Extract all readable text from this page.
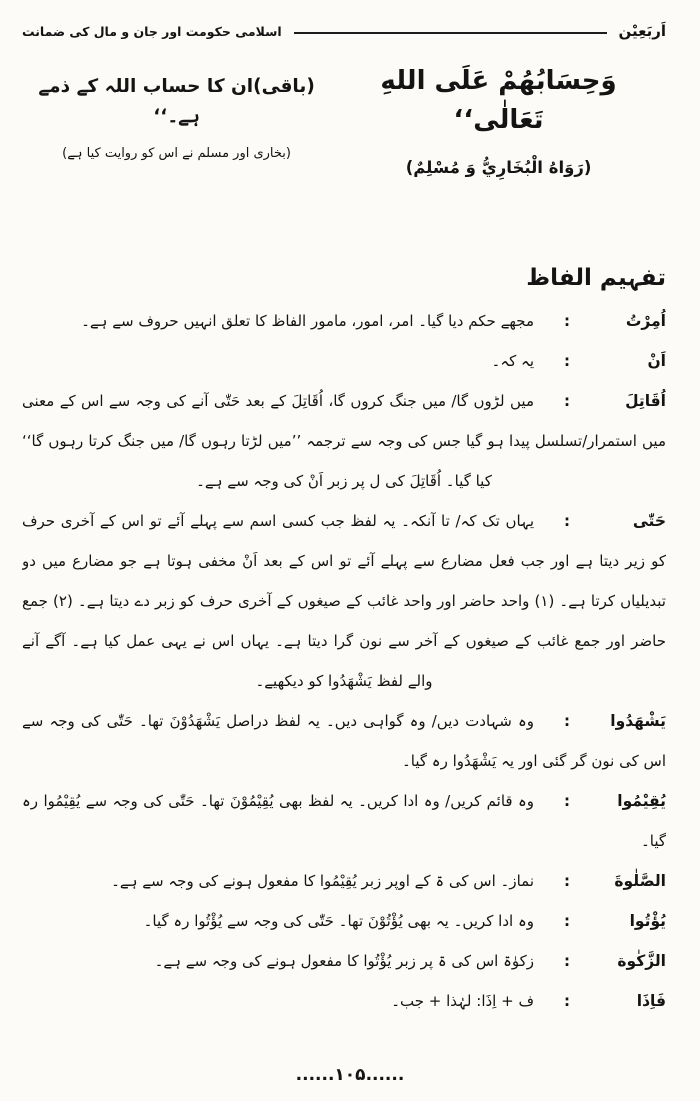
اَربَعِيْن
اسلامی حکومت اور جان و مال کی ضمانت
وَحِسَابُهُمْ عَلَى اللهِ تَعَالٰى‘‘
(باقی)ان کا حساب اللہ کے ذمے ہے۔‘‘
(رَوَاهُ الْبُخَارِيُّ وَ مُسْلِمٌ)
(بخاری اور مسلم نے اس کو روایت کیا ہے)
تفہیم الفاظ
اُمِرْتُ
:
مجھے حکم دیا گیا۔ امر، امور، مامور الفاظ کا تعلق انہیں حروف سے ہے۔
اَنْ
:
یہ کہ۔
اُقَاتِلَ
:
میں لڑوں گا/ میں جنگ کروں گا، اُقَاتِلَ کے بعد حَتّٰی آنے کی وجہ سے اس کے معنی میں استمرار/تسلسل پیدا ہو گیا جس کی وجہ سے ترجمہ ’’میں لڑتا رہوں گا/ میں جنگ کرتا رہوں گا‘‘ کیا گیا۔ اُقَاتِلَ کی ل پر زبر اَنْ کی وجہ سے ہے۔
حَتّٰی
:
یہاں تک کہ/ تا آنکہ۔ یہ لفظ جب کسی اسم سے پہلے آئے تو اس کے آخری حرف کو زیر دیتا ہے اور جب فعل مضارع سے پہلے آئے تو اس کے بعد اَنْ مخفی ہوتا ہے جو مضارع میں دو تبدیلیاں کرتا ہے۔ (۱) واحد حاضر اور واحد غائب کے صیغوں کے آخری حرف کو زبر دے دیتا ہے۔ (۲) جمع حاضر اور جمع غائب کے صیغوں کے آخر سے نون گرا دیتا ہے۔ یہاں اس نے یہی عمل کیا ہے۔ آگے آنے والے لفظ یَشْهَدُوا کو دیکھیے۔
یَشْهَدُوا
:
وہ شہادت دیں/ وہ گواہی دیں۔ یہ لفظ دراصل یَشْهَدُوْنَ تھا۔ حَتّٰی کی وجہ سے اس کی نون گر گئی اور یہ یَشْهَدُوا رہ گیا۔
یُقِیْمُوا
:
وہ قائم کریں/ وہ ادا کریں۔ یہ لفظ بھی یُقِیْمُوْنَ تھا۔ حَتّٰی کی وجہ سے یُقِیْمُوا رہ گیا۔
الصَّلٰوةَ
:
نماز۔ اس کی ۃ کے اوپر زبر یُقِیْمُوا کا مفعول ہونے کی وجہ سے ہے۔
یُؤْتُوا
:
وہ ادا کریں۔ یہ بھی یُؤْتُوْنَ تھا۔ حَتّٰی کی وجہ سے یُؤْتُوا رہ گیا۔
الزَّکٰوة
:
زکوٰۃ اس کی ۃ پر زبر یُؤْتُوا کا مفعول ہونے کی وجہ سے ہے۔
فَاِذَا
:
ف + اِذَا: لہٰذا + جب۔
......۱۰۵......
